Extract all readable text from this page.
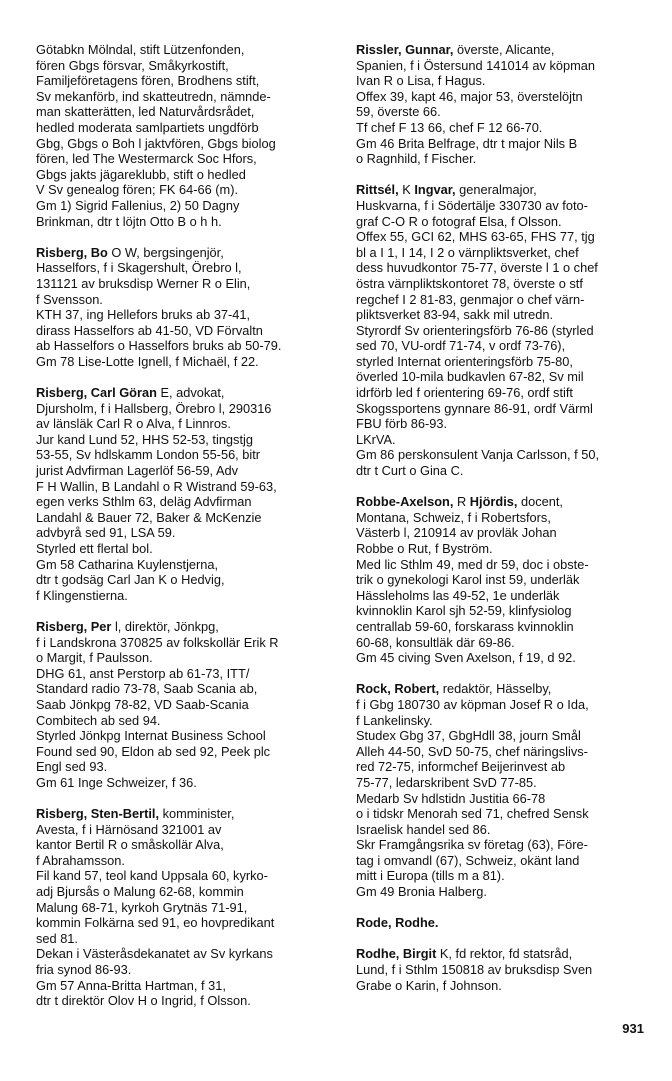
Götabkn Mölndal, stift Lützenfonden,
fören Gbgs försvar, Småkyrkostift,
Familjeföretagens fören, Brodhens stift,
Sv mekanförb, ind skatteutredn, nämnde-
man skatterätten, led Naturvårdsrådet,
hedled moderata samlpartiets ungdförb
Gbg, Gbgs o Boh l jaktvfören, Gbgs biolog
fören, led The Westermarck Soc Hfors,
Gbgs jakts jägareklubb, stift o hedled
V Sv genealog fören; FK 64-66 (m).
Gm 1) Sigrid Fallenius, 2) 50 Dagny
Brinkman, dtr t löjtn Otto B o h h.
Risberg, Bo O W, bergsingenjör,
Hasselfors, f i Skagershult, Örebro l,
131121 av bruksdisp Werner R o Elin,
f Svensson.
KTH 37, ing Hellefors bruks ab 37-41,
dirass Hasselfors ab 41-50, VD Förvaltn
ab Hasselfors o Hasselfors bruks ab 50-79.
Gm 78 Lise-Lotte Ignell, f Michaël, f 22.
Risberg, Carl Göran E, advokat,
Djursholm, f i Hallsberg, Örebro l, 290316
av länsläk Carl R o Alva, f Linnros.
Jur kand Lund 52, HHS 52-53, tingstjg
53-55, Sv hdlskamm London 55-56, bitr
jurist Advfirman Lagerlöf 56-59, Adv
F H Wallin, B Landahl o R Wistrand 59-63,
egen verks Sthlm 63, deläg Advfirman
Landahl & Bauer 72, Baker & McKenzie
advbyrå sed 91, LSA 59.
Styrled ett flertal bol.
Gm 58 Catharina Kuylenstjerna,
dtr t godsäg Carl Jan K o Hedvig,
f Klingenstierna.
Risberg, Per l, direktör, Jönkpg,
f i Landskrona 370825 av folkskollär Erik R
o Margit, f Paulsson.
DHG 61, anst Perstorp ab 61-73, ITT/
Standard radio 73-78, Saab Scania ab,
Saab Jönkpg 78-82, VD Saab-Scania
Combitech ab sed 94.
Styrled Jönkpg Internat Business School
Found sed 90, Eldon ab sed 92, Peek plc
Engl sed 93.
Gm 61 Inge Schweizer, f 36.
Risberg, Sten-Bertil, komminister,
Avesta, f i Härnösand 321001 av
kantor Bertil R o småskollär Alva,
f Abrahamsson.
Fil kand 57, teol kand Uppsala 60, kyrko-
adj Bjursås o Malung 62-68, kommin
Malung 68-71, kyrkoh Grytnäs 71-91,
kommin Folkärna sed 91, eo hovpredikant
sed 81.
Dekan i Västeråsdekanatet av Sv kyrkans
fria synod 86-93.
Gm 57 Anna-Britta Hartman, f 31,
dtr t direktör Olov H o Ingrid, f Olsson.
Rissler, Gunnar, överste, Alicante,
Spanien, f i Östersund 141014 av köpman
Ivan R o Lisa, f Hagus.
Offex 39, kapt 46, major 53, överstelöjtn
59, överste 66.
Tf chef F 13 66, chef F 12 66-70.
Gm 46 Brita Belfrage, dtr t major Nils B
o Ragnhild, f Fischer.
Rittsél, K Ingvar, generalmajor,
Huskvarna, f i Södertälje 330730 av foto-
graf C-O R o fotograf Elsa, f Olsson.
Offex 55, GCI 62, MHS 63-65, FHS 77, tjg
bl a I 1, I 14, I 2 o värnpliktsverket, chef
dess huvudkontor 75-77, överste l 1 o chef
östra värnpliktskontoret 78, överste o stf
regchef I 2 81-83, genmajor o chef värn-
pliktsverket 83-94, sakk mil utredn.
Styrordf Sv orienteringsförb 76-86 (styrled
sed 70, VU-ordf 71-74, v ordf 73-76),
styrled Internat orienteringsförb 75-80,
överled 10-mila budkavlen 67-82, Sv mil
idrförb led f orientering 69-76, ordf stift
Skogssportens gynnare 86-91, ordf Värml
FBU förb 86-93.
LKrVA.
Gm 86 perskonsulent Vanja Carlsson, f 50,
dtr t Curt o Gina C.
Robbe-Axelson, R Hjördis, docent,
Montana, Schweiz, f i Robertsfors,
Västerb l, 210914 av provläk Johan
Robbe o Rut, f Byström.
Med lic Sthlm 49, med dr 59, doc i obste-
trik o gynekologi Karol inst 59, underläk
Hässleholms las 49-52, 1e underläk
kvinnoklin Karol sjh 52-59, klinfysiolog
centrallab 59-60, forskarass kvinnoklin
60-68, konsultläk där 69-86.
Gm 45 civing Sven Axelson, f 19, d 92.
Rock, Robert, redaktör, Hässelby,
f i Gbg 180730 av köpman Josef R o Ida,
f Lankelinsky.
Studex Gbg 37, GbgHdll 38, journ Smål
Alleh 44-50, SvD 50-75, chef näringslivs-
red 72-75, informchef Beijerinvest ab
75-77, ledarskribent SvD 77-85.
Medarb Sv hdlstidn Justitia 66-78
o i tidskr Menorah sed 71, chefred Sensk
Israelisk handel sed 86.
Skr Framgångsrika sv företag (63), Före-
tag i omvandl (67), Schweiz, okänt land
mitt i Europa (tills m a 81).
Gm 49 Bronia Halberg.
Rode, Rodhe.
Rodhe, Birgit K, fd rektor, fd statsråd,
Lund, f i Sthlm 150818 av bruksdisp Sven
Grabe o Karin, f Johnson.
931
